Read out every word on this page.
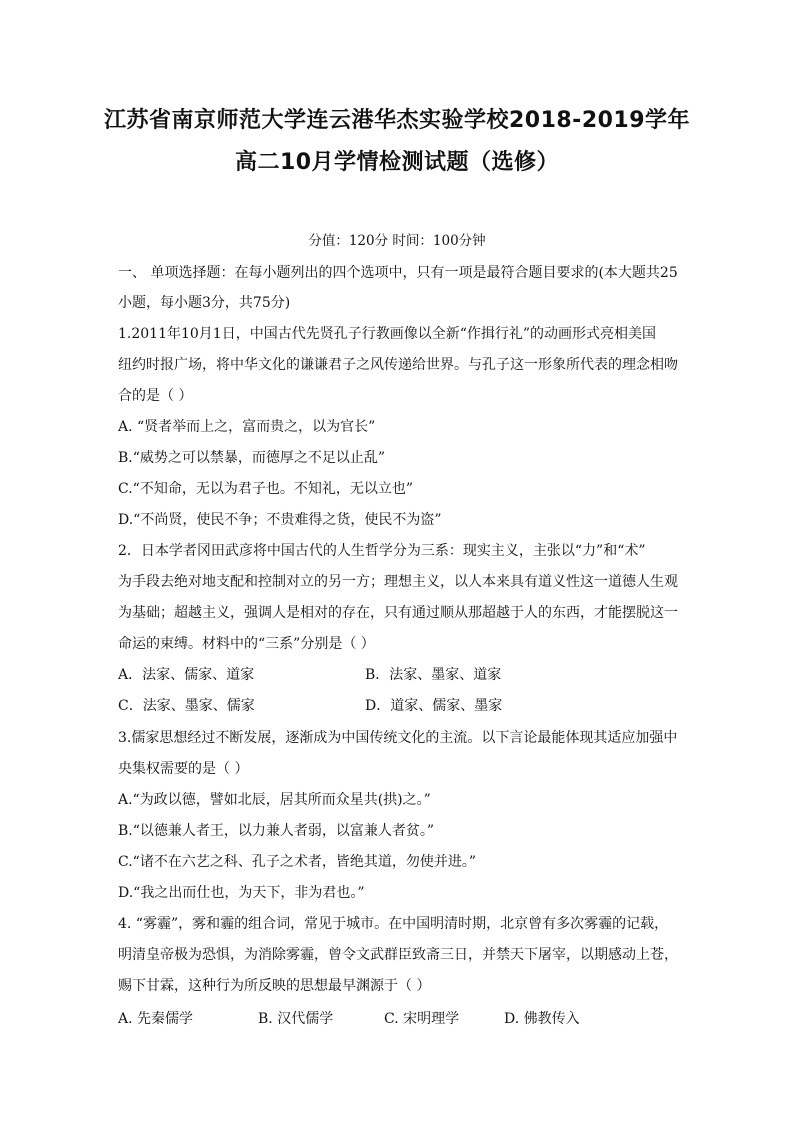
江苏省南京师范大学连云港华杰实验学校2018-2019学年
高二10月学情检测试题（选修）
分值：120分 时间：100分钟
一、 单项选择题：在每小题列出的四个选项中，只有一项是最符合题目要求的(本大题共25
小题，每小题3分，共75分)
1.2011年10月1日，中国古代先贤孔子行教画像以全新“作揖行礼”的动画形式亮相美国
纽约时报广场，将中华文化的谦谦君子之风传递给世界。与孔子这一形象所代表的理念相吻
合的是（ ）
A. “贤者举而上之，富而贵之，以为官长”
B.“威势之可以禁暴，而德厚之不足以止乱”
C.“不知命，无以为君子也。不知礼，无以立也”
D.“不尚贤，使民不争；不贵难得之货，使民不为盗”
2．日本学者冈田武彦将中国古代的人生哲学分为三系：现实主义，主张以“力”和“术”
为手段去绝对地支配和控制对立的另一方；理想主义，以人本来具有道义性这一道德人生观
为基础；超越主义，强调人是相对的存在，只有通过顺从那超越于人的东西，才能摆脱这一
命运的束缚。材料中的“三系”分别是（ ）
A．法家、儒家、道家	B．法家、墨家、道家
C．法家、墨家、儒家	D．道家、儒家、墨家
3.儒家思想经过不断发展，逐渐成为中国传统文化的主流。以下言论最能体现其适应加强中
央集权需要的是（ ）
A.“为政以德，譬如北辰，居其所而众星共(拱)之。”
B.“以德兼人者王，以力兼人者弱，以富兼人者贫。”
C.“诸不在六艺之科、孔子之术者，皆绝其道，勿使并进。”
D.“我之出而仕也，为天下，非为君也。”
4. “雾霾”，雾和霾的组合词，常见于城市。在中国明清时期，北京曾有多次雾霾的记载，
明清皇帝极为恐惧，为消除雾霾，曾令文武群臣致斋三日，并禁天下屠宰，以期感动上苍，
赐下甘霖，这种行为所反映的思想最早渊源于（ ）
A. 先秦儒学	B. 汉代儒学	C. 宋明理学	D. 佛教传入
